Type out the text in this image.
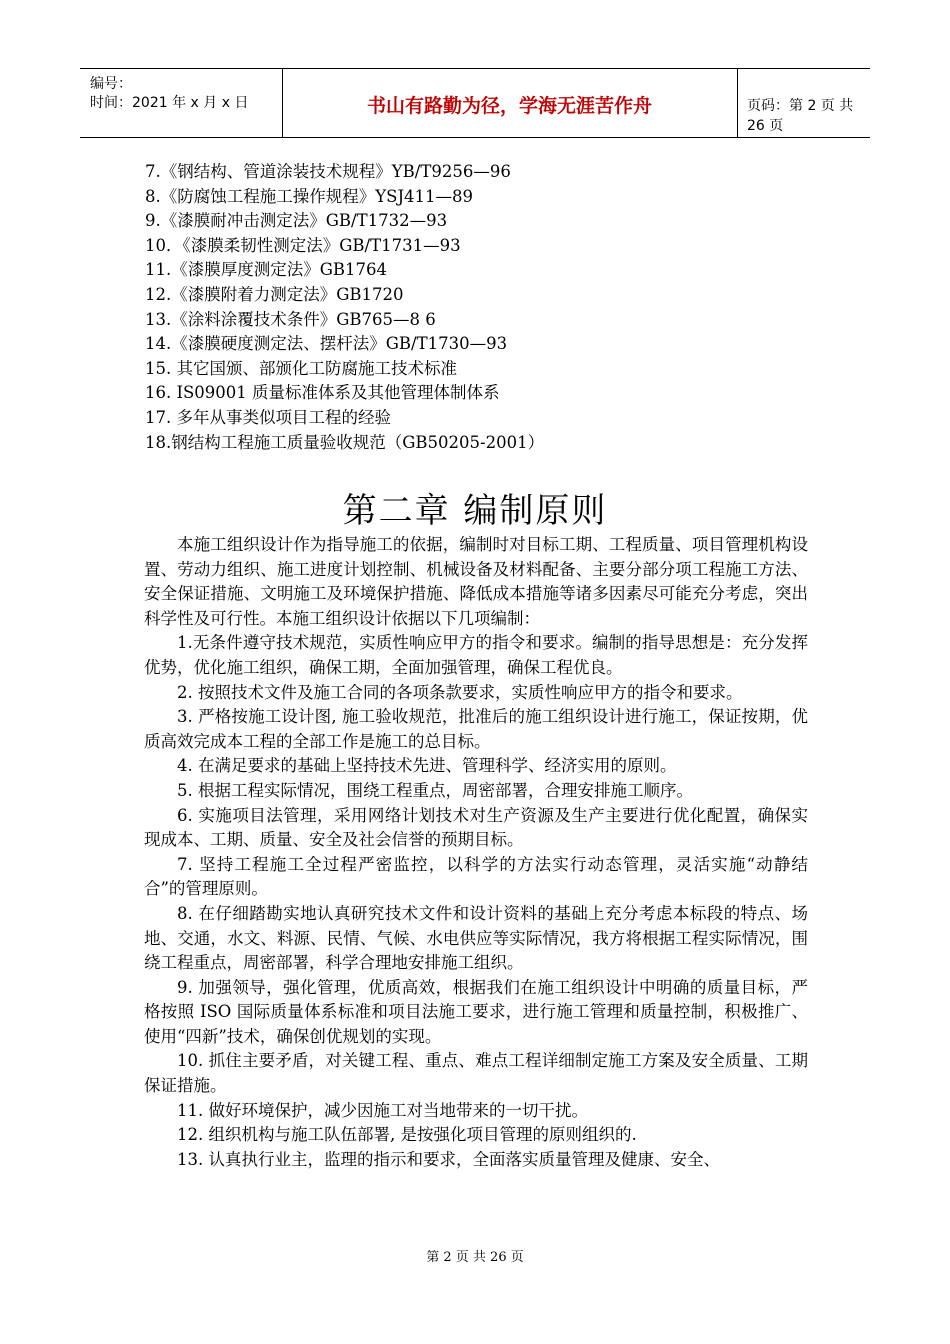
编号：
时间：2021 年 x 月 x 日	书山有路勤为径，学海无涯苦作舟	页码：第 2 页 共 26 页
7.《钢结构、管道涂装技术规程》YB/T9256—96
8.《防腐蚀工程施工操作规程》YSJ411—89
9.《漆膜耐冲击测定法》GB/T1732—93
10．《漆膜柔韧性测定法》GB/T1731—93
11.《漆膜厚度测定法》GB1764
12.《漆膜附着力测定法》GB1720
13.《涂料涂覆技术条件》GB765—8 6
14.《漆膜硬度测定法、摆杆法》GB/T1730—93
15. 其它国颁、部颁化工防腐施工技术标准
16. IS09001 质量标准体系及其他管理体制体系
17. 多年从事类似项目工程的经验
18.钢结构工程施工质量验收规范（GB50205-2001）
第二章 编制原则

本施工组织设计作为指导施工的依据，编制时对目标工期、工程质量、项目管理机构设置、劳动力组织、施工进度计划控制、机械设备及材料配备、主要分部分项工程施工方法、安全保证措施、文明施工及环境保护措施、降低成本措施等诸多因素尽可能充分考虑，突出科学性及可行性。本施工组织设计依据以下几项编制：

1.无条件遵守技术规范，实质性响应甲方的指令和要求。编制的指导思想是：充分发挥优势，优化施工组织，确保工期，全面加强管理，确保工程优良。

2. 按照技术文件及施工合同的各项条款要求，实质性响应甲方的指令和要求。

3. 严格按施工设计图, 施工验收规范，批准后的施工组织设计进行施工，保证按期，优质高效完成本工程的全部工作是施工的总目标。

4. 在满足要求的基础上坚持技术先进、管理科学、经济实用的原则。

5. 根据工程实际情况，围绕工程重点，周密部署，合理安排施工顺序。

6. 实施项目法管理，采用网络计划技术对生产资源及生产主要进行优化配置，确保实现成本、工期、质量、安全及社会信誉的预期目标。

7. 坚持工程施工全过程严密监控，以科学的方法实行动态管理，灵活实施“动静结合”的管理原则。

8. 在仔细踏勘实地认真研究技术文件和设计资料的基础上充分考虑本标段的特点、场地、交通，水文、料源、民情、气候、水电供应等实际情况，我方将根据工程实际情况，围绕工程重点，周密部署，科学合理地安排施工组织。

9. 加强领导，强化管理，优质高效，根据我们在施工组织设计中明确的质量目标，严格按照 ISO 国际质量体系标准和项目法施工要求，进行施工管理和质量控制，积极推广、使用“四新”技术，确保创优规划的实现。

10. 抓住主要矛盾，对关键工程、重点、难点工程详细制定施工方案及安全质量、工期保证措施。

11. 做好环境保护，减少因施工对当地带来的一切干扰。

12. 组织机构与施工队伍部署, 是按强化项目管理的原则组织的.

13. 认真执行业主，监理的指示和要求，全面落实质量管理及健康、安全、

第 2 页 共 26 页
